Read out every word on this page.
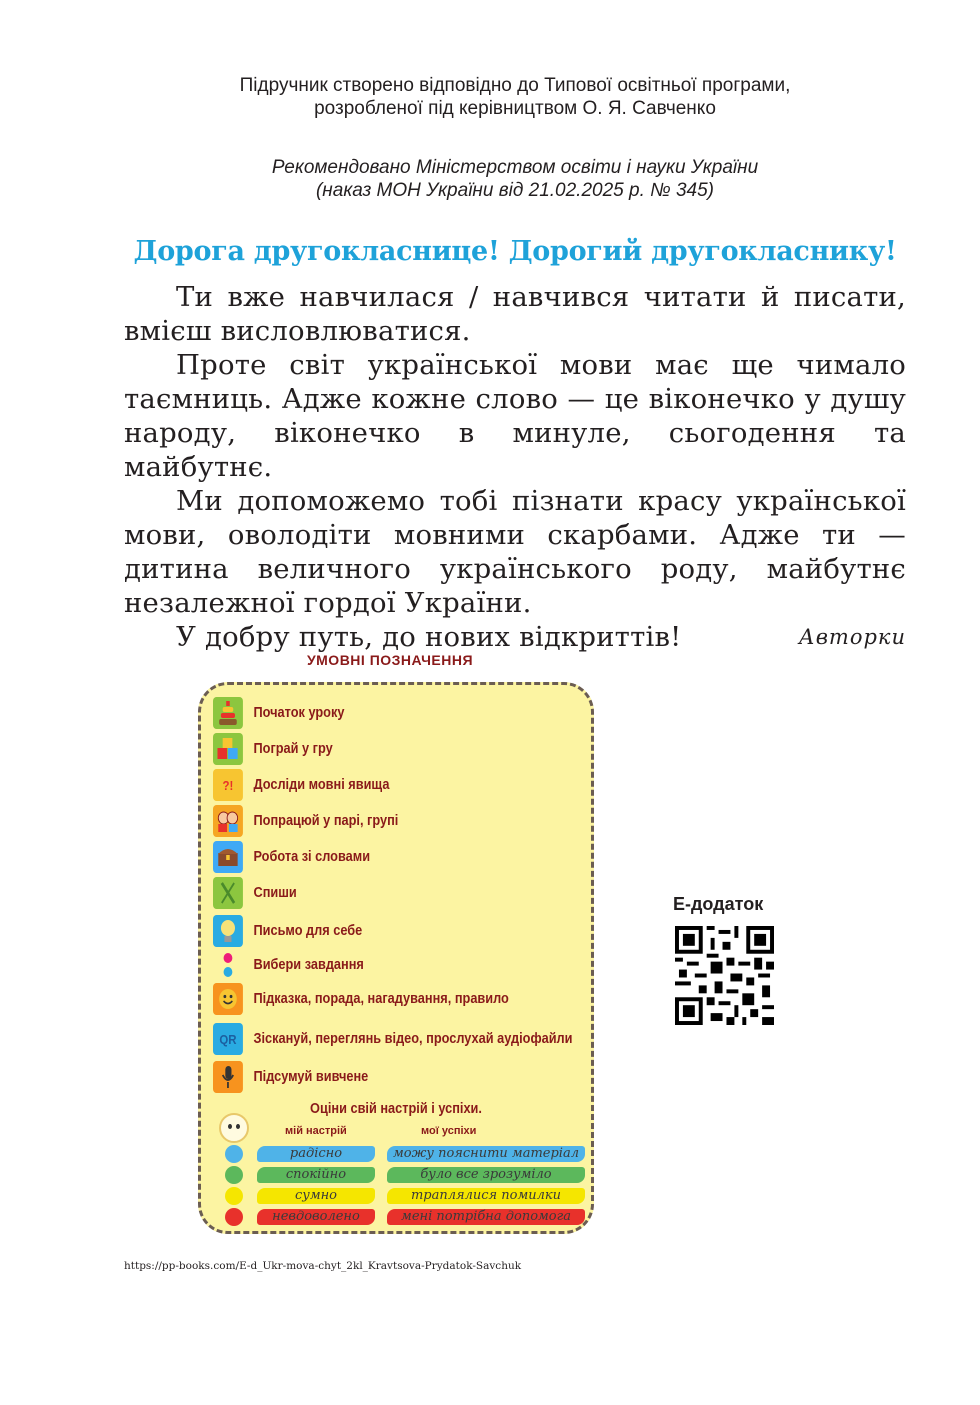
Підручник створено відповідно до Типової освітньої програми,

розробленої під керівництвом О. Я. Савченко

Рекомендовано Міністерством освіти і науки України

(наказ МОН України від 21.02.2025 р. № 345)

Дорога другокласнице! Дорогий другокласнику!

Ти вже навчилася / навчився читати й писати, вмієш висловлюватися.

Проте світ української мови має ще чимало таємниць. Адже кожне слово — це віконечко у душу народу, віконечко в минуле, сьогодення та майбутнє.

Ми допоможемо тобі пізнати красу української мови, оволодіти мовними скарбами. Адже ти — дитина величного українського роду, майбутнє незалежної гордої України.

У добру путь, до нових відкриттів!	Авторки
УМОВНІ ПОЗНАЧЕННЯ
Початок уроку
Пограй у гру
?!	Досліди мовні явища
Попрацюй у парі, групі
Робота зі словами
Спиши
Письмо для себе
Вибери завдання
Підказка, порада, нагадування, правило
QR	Зіскануй, переглянь відео, прослухай аудіофайли
Підсумуй вивчене
Оціни свій настрій і успіхи.
мій настрій	мої успіхи
радісно	можу пояснити матеріал
спокійно	було все зрозуміло
сумно	траплялися помилки
невдоволено	мені потрібна допомога
Е-додаток
https://pp-books.com/E-d_Ukr-mova-chyt_2kl_Kravtsova-Prydatok-Savchuk
